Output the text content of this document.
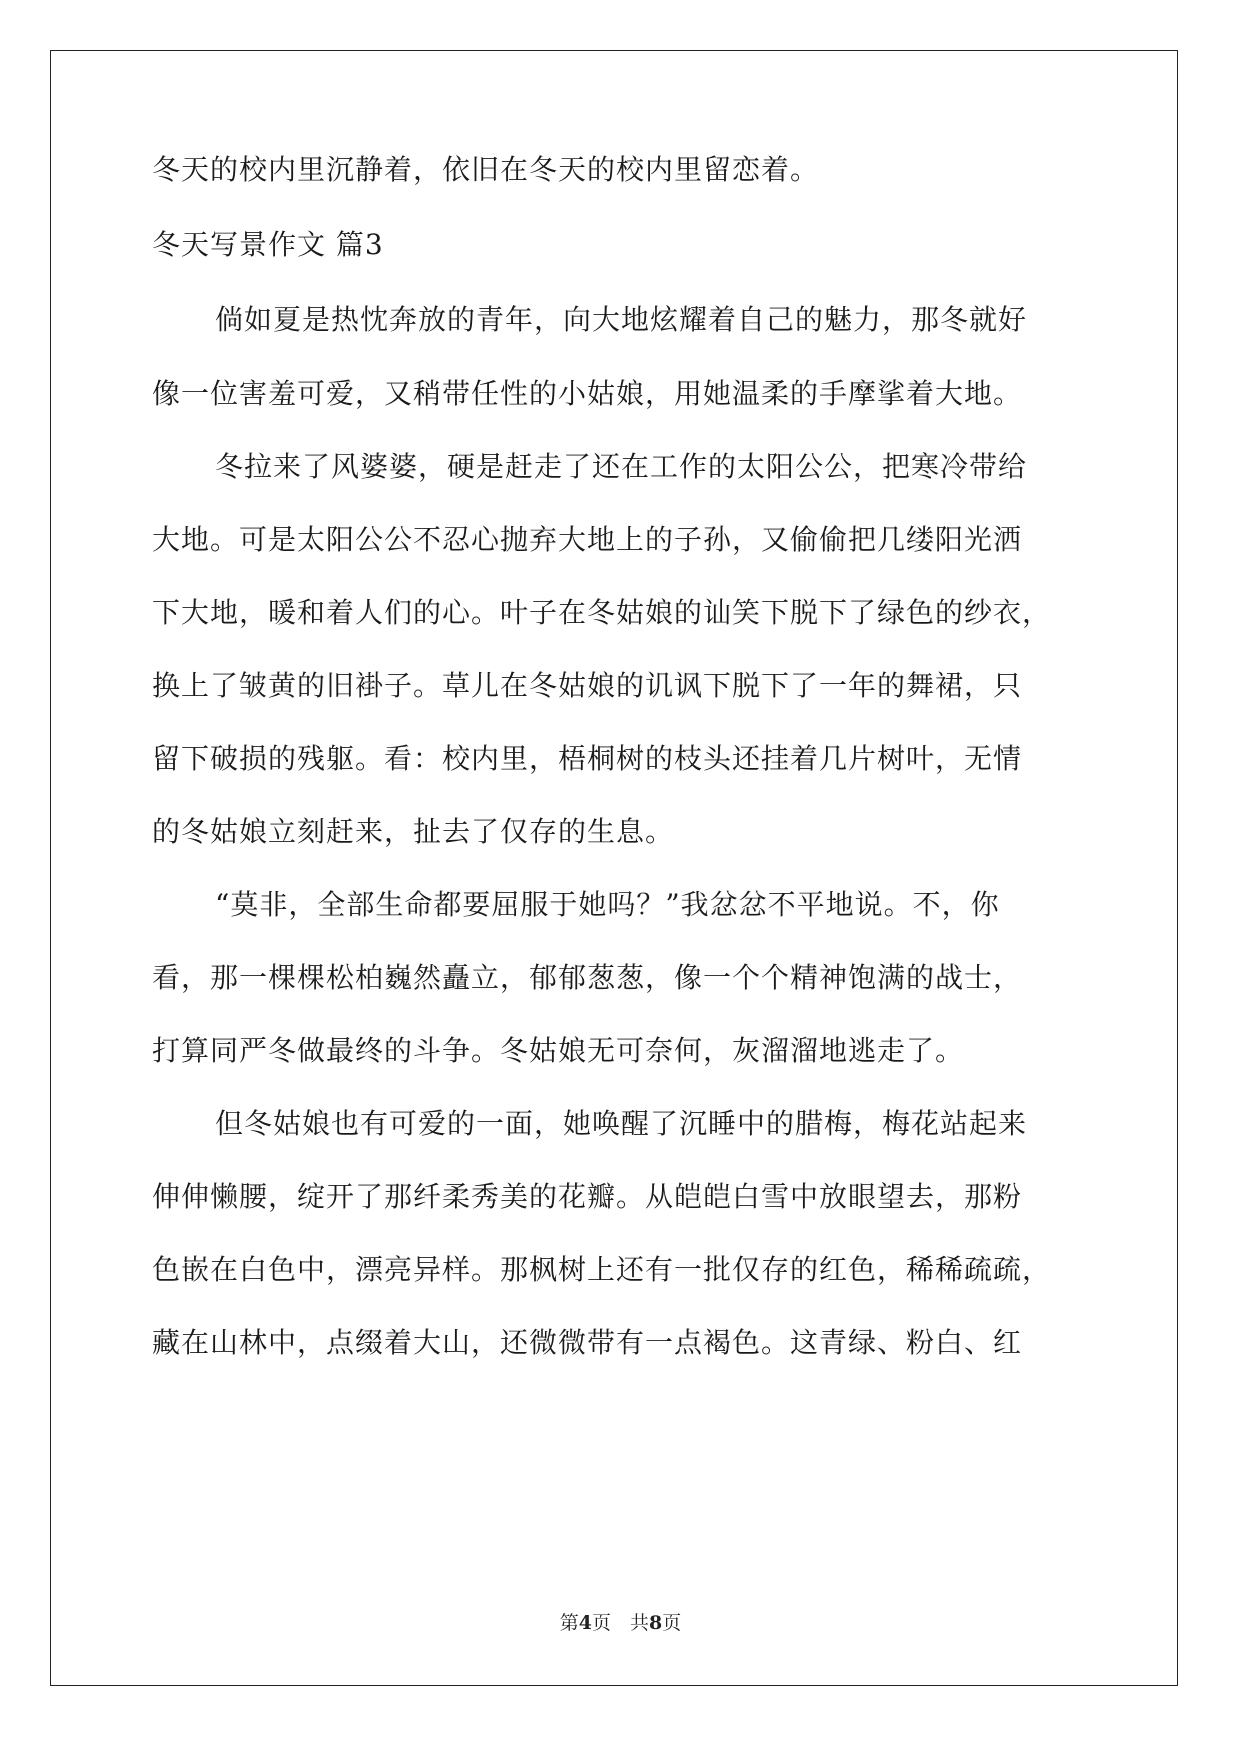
冬天的校内里沉静着，依旧在冬天的校内里留恋着。
冬天写景作文 篇3
倘如夏是热忱奔放的青年，向大地炫耀着自己的魅力，那冬就好
像一位害羞可爱，又稍带任性的小姑娘，用她温柔的手摩挲着大地。
冬拉来了风婆婆，硬是赶走了还在工作的太阳公公，把寒冷带给
大地。可是太阳公公不忍心抛弃大地上的子孙，又偷偷把几缕阳光洒
下大地，暖和着人们的心。叶子在冬姑娘的讪笑下脱下了绿色的纱衣，
换上了皱黄的旧褂子。草儿在冬姑娘的讥讽下脱下了一年的舞裙，只
留下破损的残躯。看：校内里，梧桐树的枝头还挂着几片树叶，无情
的冬姑娘立刻赶来，扯去了仅存的生息。
“莫非，全部生命都要屈服于她吗？”我忿忿不平地说。不，你
看，那一棵棵松柏巍然矗立，郁郁葱葱，像一个个精神饱满的战士，
打算同严冬做最终的斗争。冬姑娘无可奈何，灰溜溜地逃走了。
但冬姑娘也有可爱的一面，她唤醒了沉睡中的腊梅，梅花站起来
伸伸懒腰，绽开了那纤柔秀美的花瓣。从皑皑白雪中放眼望去，那粉
色嵌在白色中，漂亮异样。那枫树上还有一批仅存的红色，稀稀疏疏，
藏在山林中，点缀着大山，还微微带有一点褐色。这青绿、粉白、红
第4页　共8页
